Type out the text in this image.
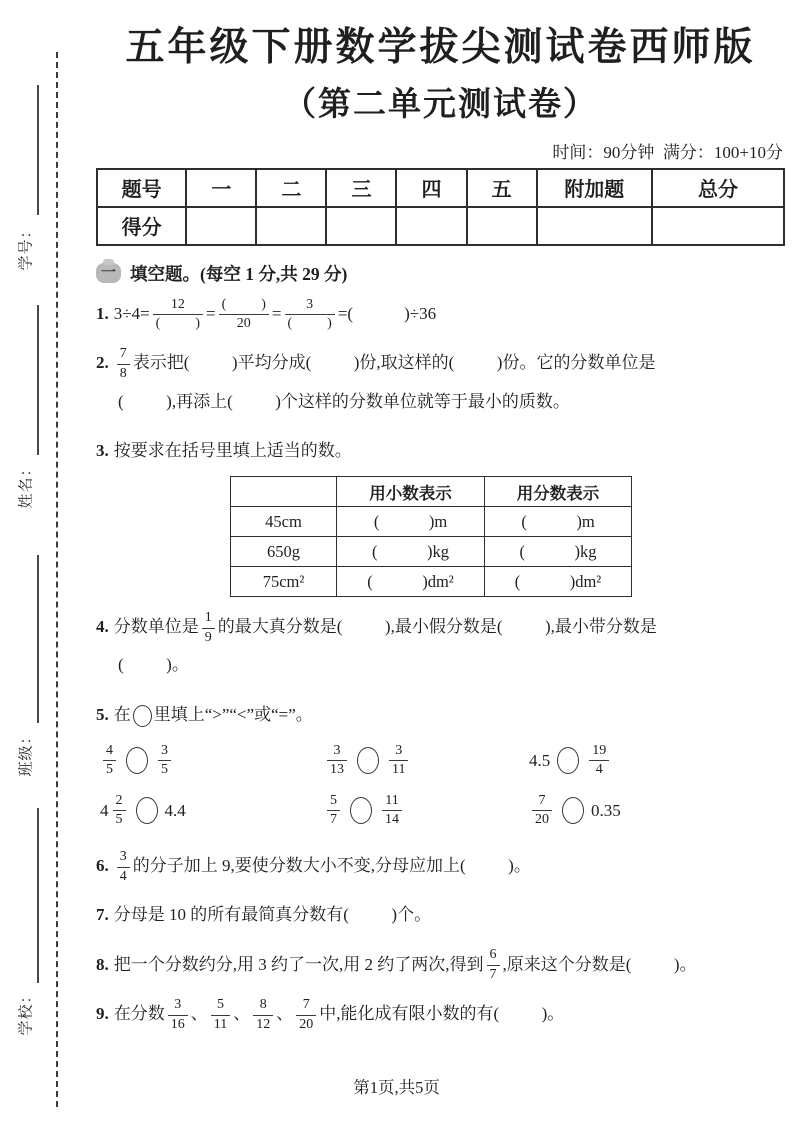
学号：
姓名：
班级：
学校：
五年级下册数学拔尖测试卷西师版
（第二单元测试卷）
时间：90分钟  满分：100+10分
题号	一	二	三	四	五	附加题	总分
得分							
一 填空题。(每空 1 分,共 29 分)
1. $3\div 4= \frac{12}{( )} = \frac{( )}{20} = \frac{3}{( )}$ =(            )÷36
2. $\frac{7}{8}$ 表示把(          )平均分成(          )份,取这样的(          )份。它的分数单位是
(          ),再添上(          )个这样的分数单位就等于最小的质数。
3. 按要求在括号里填上适当的数。
	用小数表示	用分数表示
45cm	(            )m	(            )m
650g	(            )kg	(            )kg
75cm²	(            )dm²	(            )dm²
4. 分数单位是 $\frac{1}{9}$ 的最大真分数是(          ),最小假分数是(          ),最小带分数是
(          )。
5. 在 里填上“>”“<”或“=”。
$\frac{4}{5}$	$\frac{3}{5}$	$\frac{3}{13}$	$\frac{3}{11}$	4.5	$\frac{19}{4}$
$4 \frac{2}{5} 4.4$	$\frac{5}{7}$	$\frac{11}{14}$	$\frac{7}{20} 0.35$
6. $\frac{3}{4}$ 的分子加上 9,要使分数大小不变,分母应加上(          )。
7. 分母是 10 的所有最简真分数有(          )个。
8. 把一个分数约分,用 3 约了一次,用 2 约了两次,得到 $\frac{6}{7}$ ,原来这个分数是(          )。
9. 在分数 $\frac{3}{16}$ 、 $\frac{5}{11}$ 、 $\frac{8}{12}$ 、 $\frac{7}{20}$ 中,能化成有限小数的有(          )。
第1页,共5页
